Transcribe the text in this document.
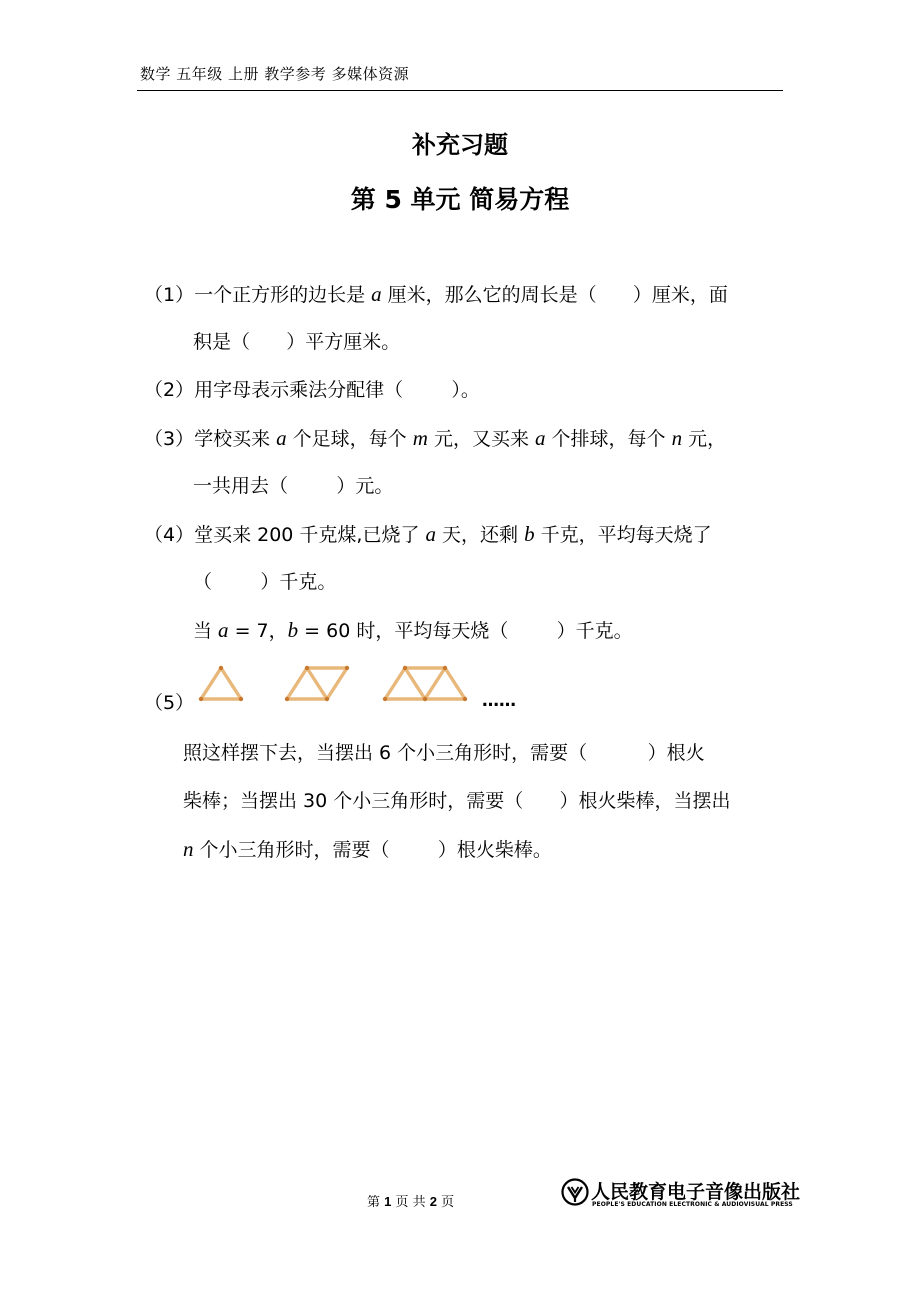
数学 五年级 上册 教学参考 多媒体资源
补充习题
第 5 单元 简易方程
（1）一个正方形的边长是 a 厘米，那么它的周长是（      ）厘米，面
积是（      ）平方厘米。
（2）用字母表示乘法分配律（        ）。
（3）学校买来 a 个足球，每个 m 元，又买来 a 个排球，每个 n 元，
一共用去（        ）元。
（4）堂买来 200 千克煤,已烧了 a 天，还剩 b 千克，平均每天烧了
（        ）千克。
当 a = 7，b = 60 时，平均每天烧（        ）千克。
（5）	……
照这样摆下去，当摆出 6 个小三角形时，需要（          ）根火
柴棒；当摆出 30 个小三角形时，需要（      ）根火柴棒，当摆出
n 个小三角形时，需要（        ）根火柴棒。
第 1 页 共 2 页	人民教育电子音像出版社
PEOPLE'S EDUCATION ELECTRONIC & AUDIOVISUAL PRESS
